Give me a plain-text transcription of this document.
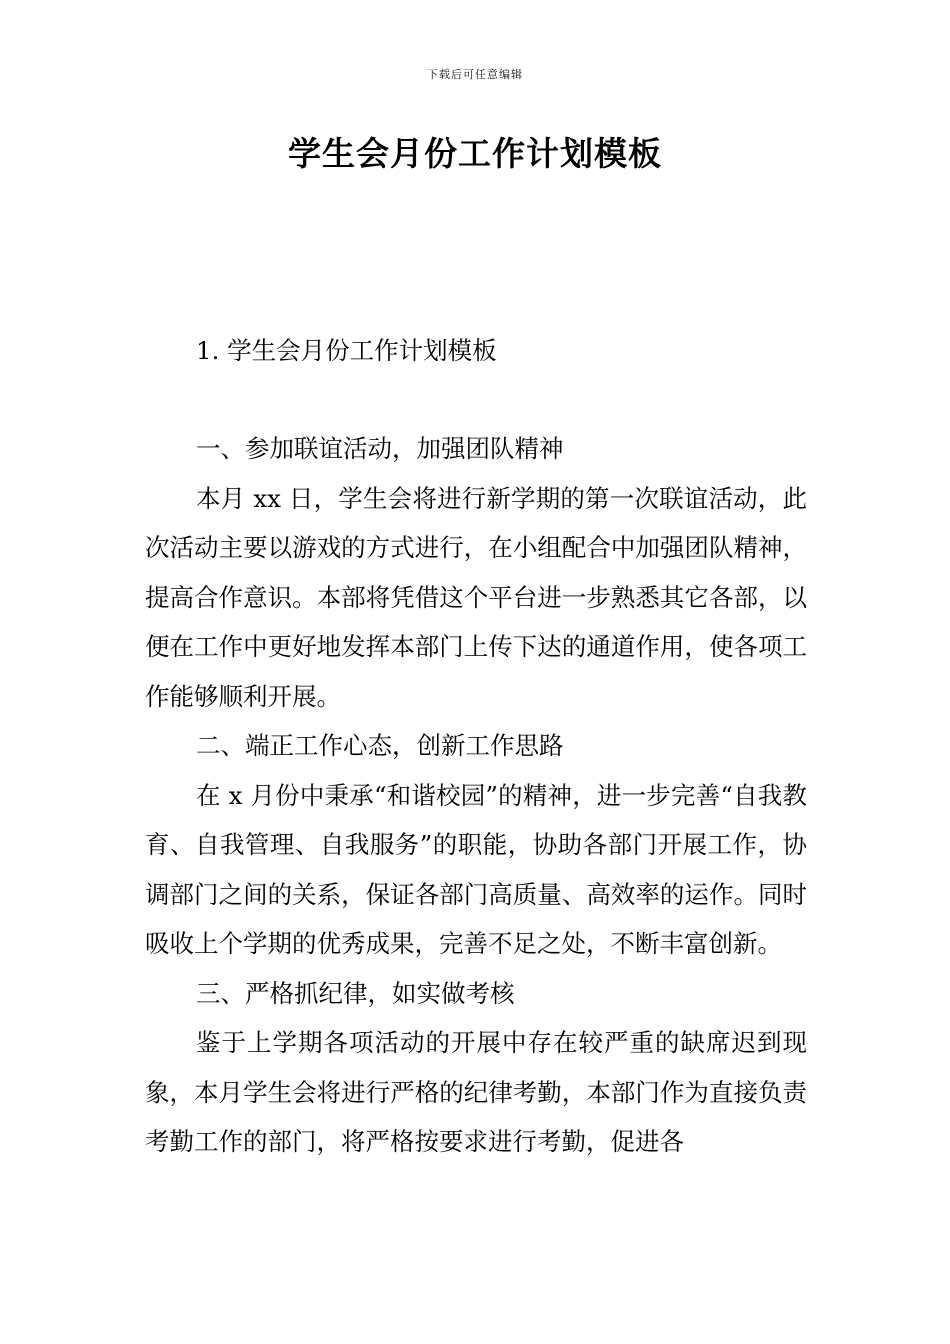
下载后可任意编辑
学生会月份工作计划模板

1. 学生会月份工作计划模板

一、参加联谊活动，加强团队精神

本月 xx 日，学生会将进行新学期的第一次联谊活动，此次活动主要以游戏的方式进行，在小组配合中加强团队精神，提高合作意识。本部将凭借这个平台进一步熟悉其它各部，以便在工作中更好地发挥本部门上传下达的通道作用，使各项工作能够顺利开展。

二、端正工作心态，创新工作思路

在 x 月份中秉承“和谐校园”的精神，进一步完善“自我教育、自我管理、自我服务”的职能，协助各部门开展工作，协调部门之间的关系，保证各部门高质量、高效率的运作。同时吸收上个学期的优秀成果，完善不足之处，不断丰富创新。

三、严格抓纪律，如实做考核

鉴于上学期各项活动的开展中存在较严重的缺席迟到现象，本月学生会将进行严格的纪律考勤，本部门作为直接负责考勤工作的部门，将严格按要求进行考勤，促进各
